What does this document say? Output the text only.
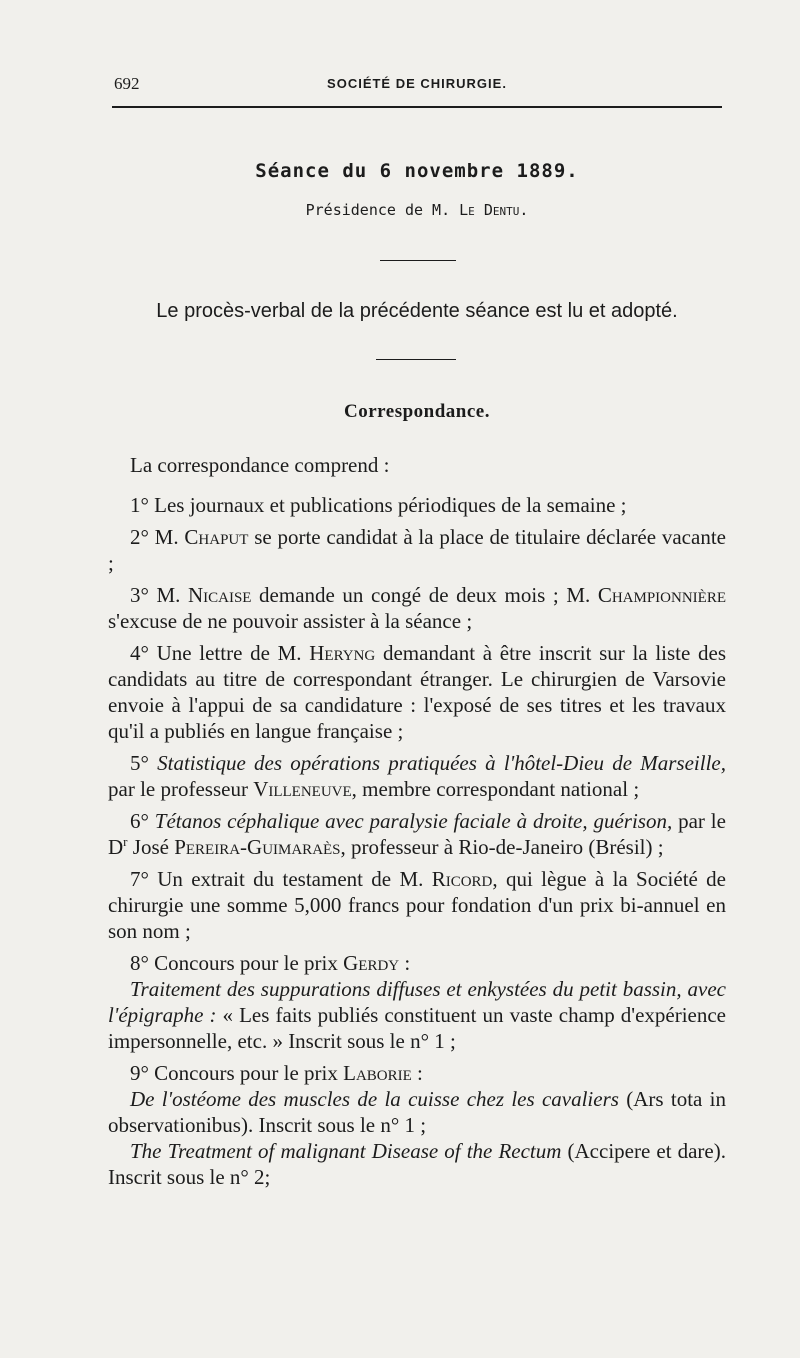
692	SOCIÉTÉ DE CHIRURGIE.
Séance du 6 novembre 1889.
Présidence de M. Le Dentu.
Le procès-verbal de la précédente séance est lu et adopté.
Correspondance.

La correspondance comprend :

1° Les journaux et publications périodiques de la semaine ;

2° M. Chaput se porte candidat à la place de titulaire déclarée vacante ;

3° M. Nicaise demande un congé de deux mois ; M. Championnière s'excuse de ne pouvoir assister à la séance ;

4° Une lettre de M. Heryng demandant à être inscrit sur la liste des candidats au titre de correspondant étranger. Le chirurgien de Varsovie envoie à l'appui de sa candidature : l'exposé de ses titres et les travaux qu'il a publiés en langue française ;

5° Statistique des opérations pratiquées à l'hôtel-Dieu de Marseille, par le professeur Villeneuve, membre correspondant national ;

6° Tétanos céphalique avec paralysie faciale à droite, guérison, par le $D^r$ José Pereira-Guimaraès, professeur à Rio-de-Janeiro (Brésil) ;

7° Un extrait du testament de M. Ricord, qui lègue à la Société de chirurgie une somme 5,000 francs pour fondation d'un prix bi-annuel en son nom ;

8° Concours pour le prix Gerdy :

Traitement des suppurations diffuses et enkystées du petit bassin, avec l'épigraphe : « Les faits publiés constituent un vaste champ d'expérience impersonnelle, etc. » Inscrit sous le n° 1 ;

9° Concours pour le prix Laborie :

De l'ostéome des muscles de la cuisse chez les cavaliers (Ars tota in observationibus). Inscrit sous le n° 1 ;

The Treatment of malignant Disease of the Rectum (Accipere et dare). Inscrit sous le n° 2;
